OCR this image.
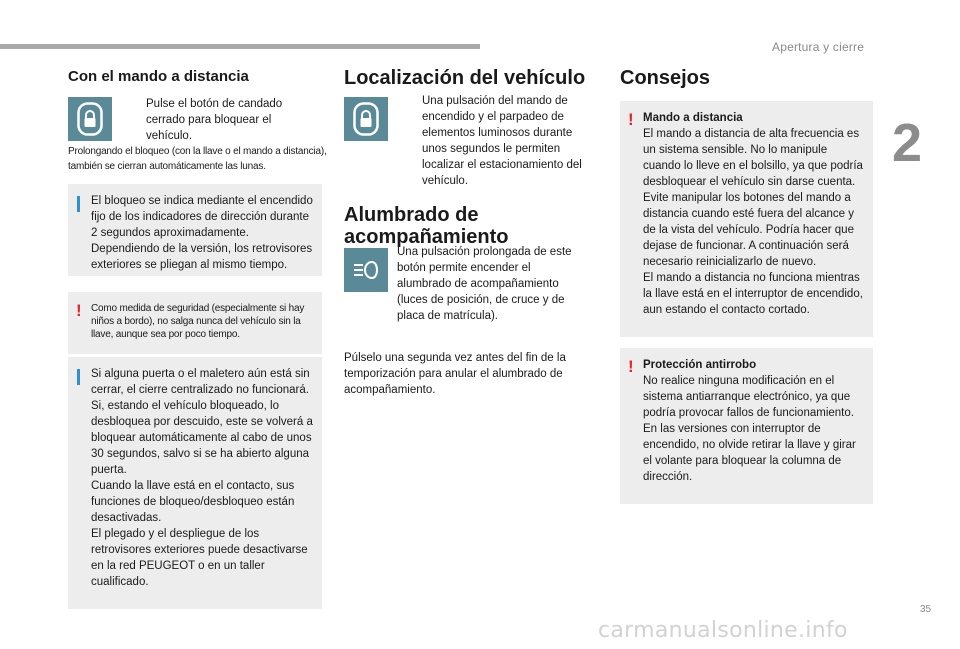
Apertura y cierre
2
35
carmanualsonline.info
Con el mando a distancia
Pulse el botón de candado cerrado para bloquear el vehículo.
Prolongando el bloqueo (con la llave o el mando a distancia), también se cierran automáticamente las lunas.
El bloqueo se indica mediante el encendido fijo de los indicadores de dirección durante 2 segundos aproximadamente.
Dependiendo de la versión, los retrovisores exteriores se pliegan al mismo tiempo.
! Como medida de seguridad (especialmente si hay niños a bordo), no salga nunca del vehículo sin la llave, aunque sea por poco tiempo.
Si alguna puerta o el maletero aún está sin cerrar, el cierre centralizado no funcionará.
Si, estando el vehículo bloqueado, lo desbloquea por descuido, este se volverá a bloquear automáticamente al cabo de unos 30 segundos, salvo si se ha abierto alguna puerta.
Cuando la llave está en el contacto, sus funciones de bloqueo/desbloqueo están desactivadas.
El plegado y el despliegue de los retrovisores exteriores puede desactivarse en la red PEUGEOT o en un taller cualificado.
Localización del vehículo
Una pulsación del mando de encendido y el parpadeo de elementos luminosos durante unos segundos le permiten localizar el estacionamiento del vehículo.
Alumbrado de acompañamiento
Una pulsación prolongada de este botón permite encender el alumbrado de acompañamiento (luces de posición, de cruce y de placa de matrícula).
Púlselo una segunda vez antes del fin de la temporización para anular el alumbrado de acompañamiento.
Consejos
! Mando a distancia
El mando a distancia de alta frecuencia es un sistema sensible. No lo manipule cuando lo lleve en el bolsillo, ya que podría desbloquear el vehículo sin darse cuenta.
Evite manipular los botones del mando a distancia cuando esté fuera del alcance y de la vista del vehículo. Podría hacer que dejase de funcionar. A continuación será necesario reinicializarlo de nuevo.
El mando a distancia no funciona mientras la llave está en el interruptor de encendido, aun estando el contacto cortado.
! Protección antirrobo
No realice ninguna modificación en el sistema antiarranque electrónico, ya que podría provocar fallos de funcionamiento.
En las versiones con interruptor de encendido, no olvide retirar la llave y girar el volante para bloquear la columna de dirección.
